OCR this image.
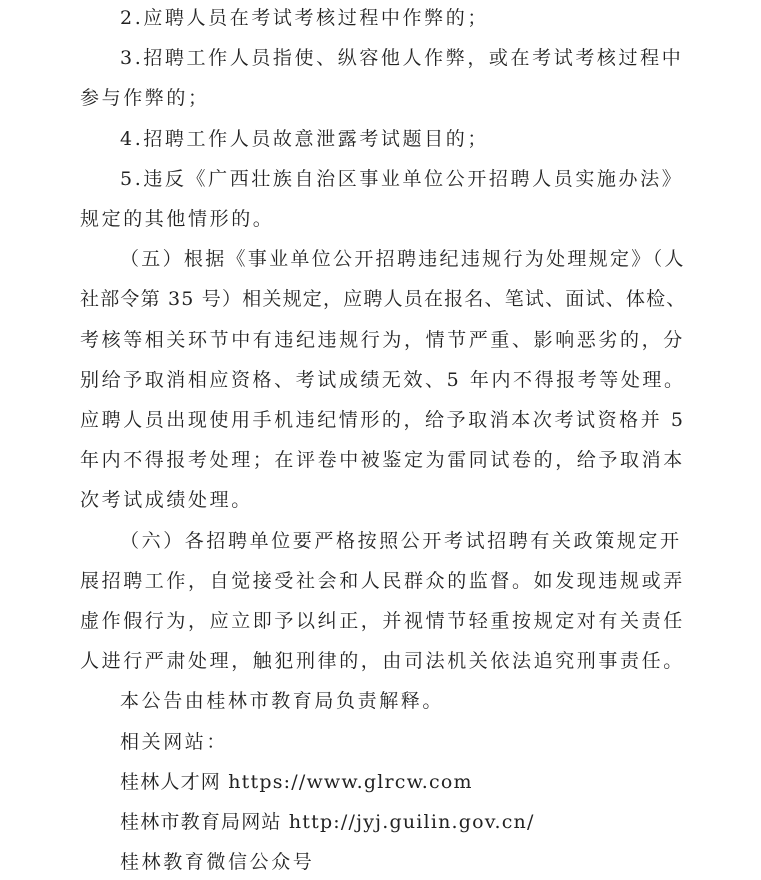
2.应聘人员在考试考核过程中作弊的；
3.招聘工作人员指使、纵容他人作弊，或在考试考核过程中
参与作弊的；
4.招聘工作人员故意泄露考试题目的；
5.违反《广西壮族自治区事业单位公开招聘人员实施办法》
规定的其他情形的。
（五）根据《事业单位公开招聘违纪违规行为处理规定》（人
社部令第 35 号）相关规定，应聘人员在报名、笔试、面试、体检、
考核等相关环节中有违纪违规行为，情节严重、影响恶劣的，分
别给予取消相应资格、考试成绩无效、5 年内不得报考等处理。
应聘人员出现使用手机违纪情形的，给予取消本次考试资格并 5
年内不得报考处理；在评卷中被鉴定为雷同试卷的，给予取消本
次考试成绩处理。
（六）各招聘单位要严格按照公开考试招聘有关政策规定开
展招聘工作，自觉接受社会和人民群众的监督。如发现违规或弄
虚作假行为，应立即予以纠正，并视情节轻重按规定对有关责任
人进行严肃处理，触犯刑律的，由司法机关依法追究刑事责任。
本公告由桂林市教育局负责解释。
相关网站：
桂林人才网 https://www.glrcw.com
桂林市教育局网站 http://jyj.guilin.gov.cn/
桂林教育微信公众号
